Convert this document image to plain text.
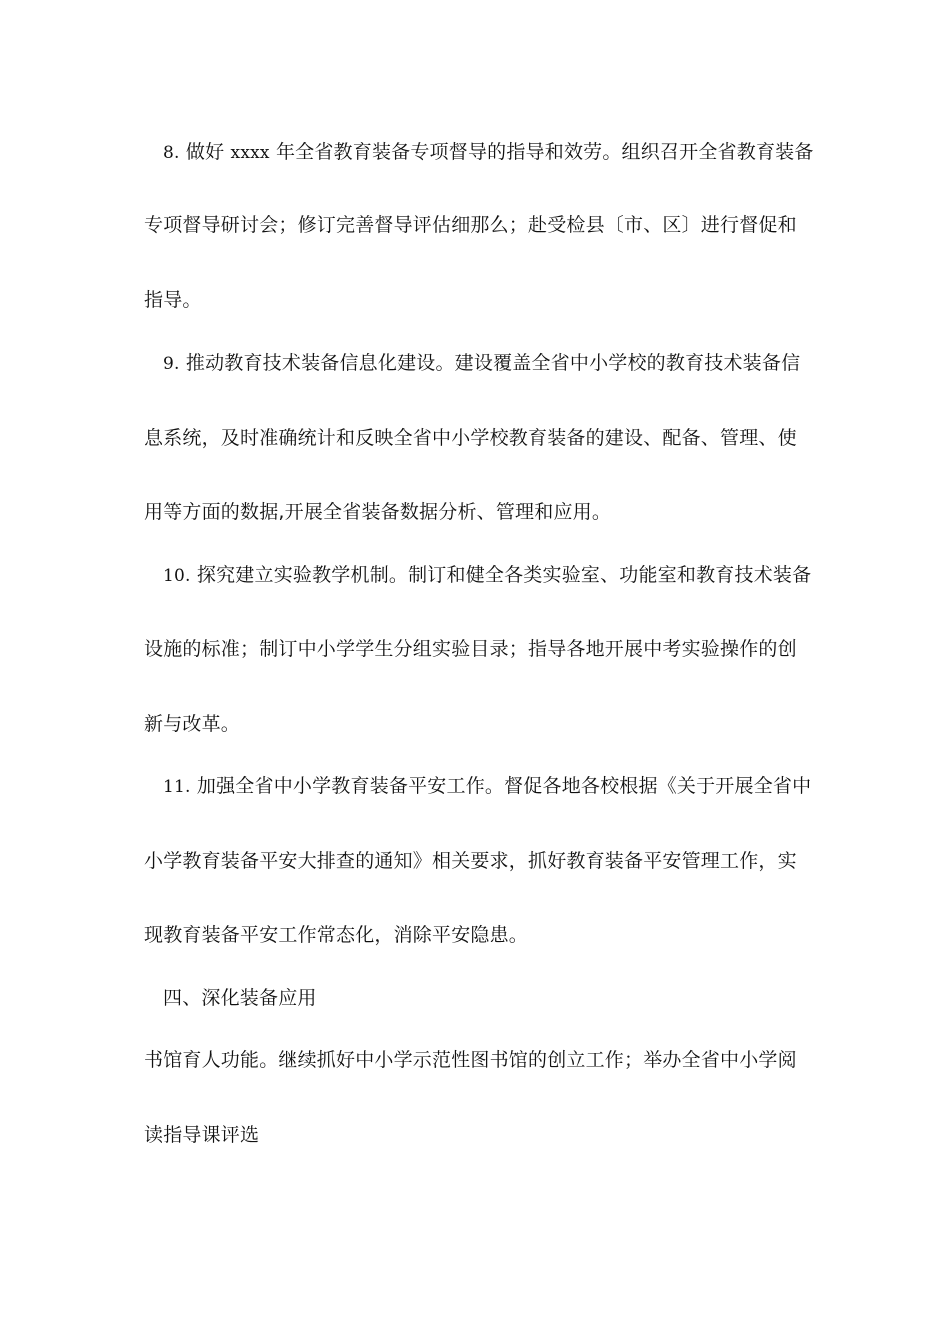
8. 做好 xxxx 年全省教育装备专项督导的指导和效劳。组织召开全省教育装备
专项督导研讨会；修订完善督导评估细那么；赴受检县〔市、区〕进行督促和
指导。
9. 推动教育技术装备信息化建设。建设覆盖全省中小学校的教育技术装备信
息系统，及时准确统计和反映全省中小学校教育装备的建设、配备、管理、使
用等方面的数据,开展全省装备数据分析、管理和应用。
10. 探究建立实验教学机制。制订和健全各类实验室、功能室和教育技术装备
设施的标准；制订中小学学生分组实验目录；指导各地开展中考实验操作的创
新与改革。
11. 加强全省中小学教育装备平安工作。督促各地各校根据《关于开展全省中
小学教育装备平安大排查的通知》相关要求，抓好教育装备平安管理工作，实
现教育装备平安工作常态化，消除平安隐患。
四、深化装备应用
书馆育人功能。继续抓好中小学示范性图书馆的创立工作；举办全省中小学阅
读指导课评选
